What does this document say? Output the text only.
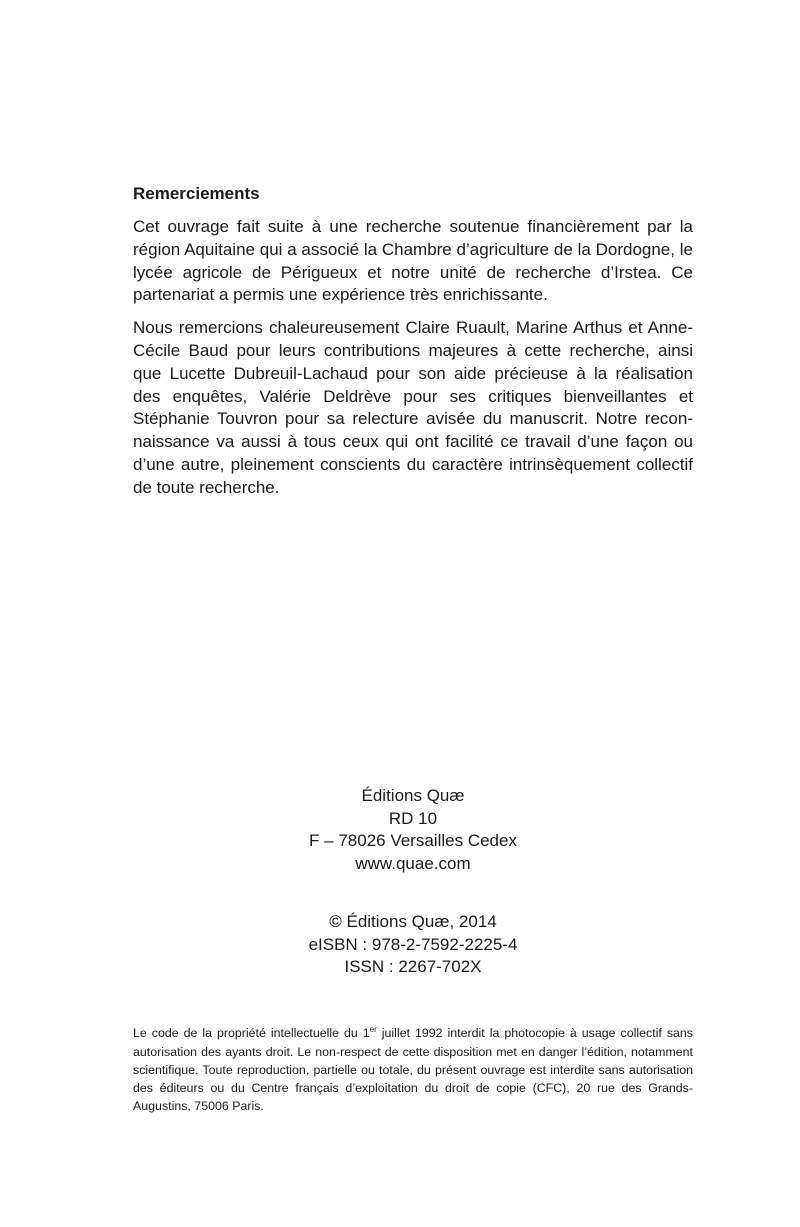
Remerciements

Cet ouvrage fait suite à une recherche soutenue financièrement par la région Aquitaine qui a associé la Chambre d’agriculture de la Dordogne, le lycée agricole de Périgueux et notre unité de recherche d’Irstea. Ce partenariat a permis une expérience très enrichissante.

Nous remercions chaleureusement Claire Ruault, Marine Arthus et Anne-Cécile Baud pour leurs contributions majeures à cette recherche, ainsi que Lucette Dubreuil-Lachaud pour son aide précieuse à la réalisation des enquêtes, Valérie Deldrève pour ses critiques bienveillantes et Stéphanie Touvron pour sa relecture avisée du manuscrit. Notre reconnaissance va aussi à tous ceux qui ont facilité ce travail d’une façon ou d’une autre, pleinement conscients du caractère intrinsèquement collectif de toute recherche.

Éditions Quæ
RD 10
F – 78026 Versailles Cedex
www.quae.com
© Éditions Quæ, 2014
eISBN : 978-2-7592-2225-4
ISSN : 2267-702X

Le code de la propriété intellectuelle du 1er juillet 1992 interdit la photocopie à usage collectif sans autorisation des ayants droit. Le non-respect de cette disposition met en danger l’édition, notamment scientifique. Toute reproduction, partielle ou totale, du présent ouvrage est interdite sans autorisation des éditeurs ou du Centre français d’exploitation du droit de copie (CFC), 20 rue des Grands-Augustins, 75006 Paris.
